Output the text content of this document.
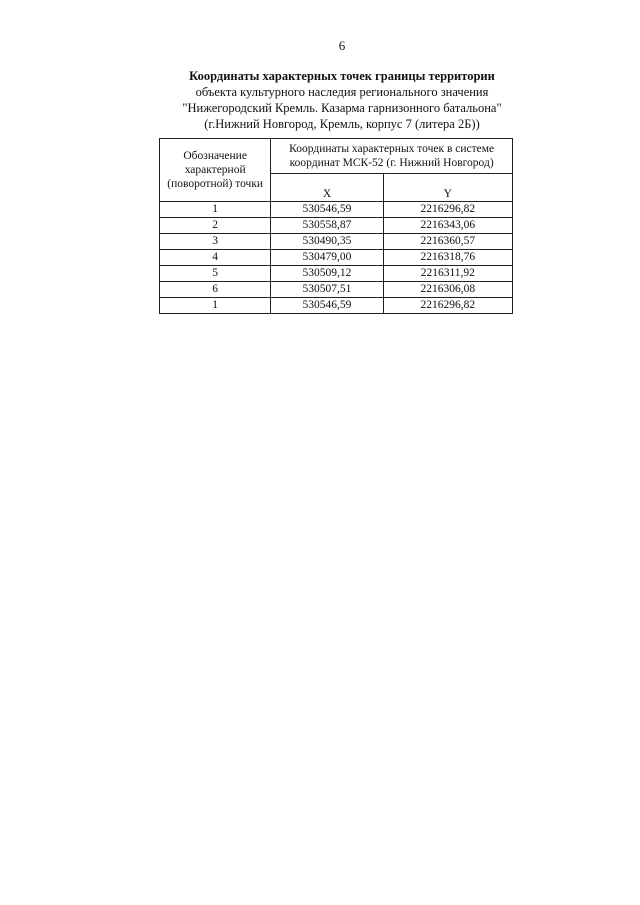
6
Координаты характерных точек границы территории
объекта культурного наследия регионального значения
"Нижегородский Кремль. Казарма гарнизонного батальона"
(г.Нижний Новгород, Кремль, корпус 7 (литера 2Б))
Обозначение характерной (поворотной) точки	Координаты характерных точек в системе координат МСК-52 (г. Нижний Новгород)	
	X	Y
1	530546,59	2216296,82
2	530558,87	2216343,06
3	530490,35	2216360,57
4	530479,00	2216318,76
5	530509,12	2216311,92
6	530507,51	2216306,08
1	530546,59	2216296,82
